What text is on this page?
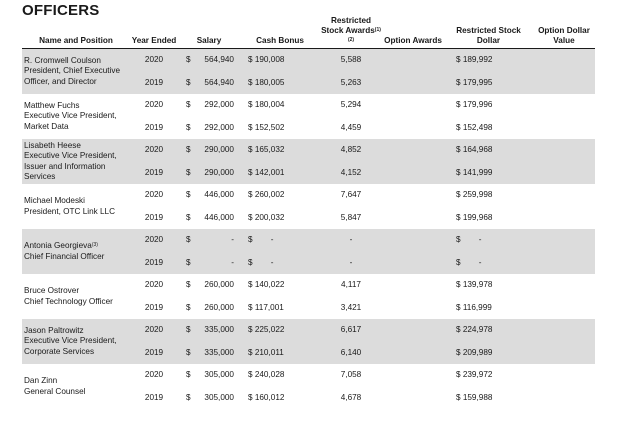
OFFICERS
Name and Position	Year Ended	Salary		Cash Bonus	Restricted Stock Awards$^{(1)(2)}$	Option Awards	Restricted Stock Dollar	Option Dollar Value
R. Cromwell Coulson
President, Chief Executive Officer, and Director	2020	$	564,940	$ 190,008	5,588		$ 189,992	
	2019	$	564,940	$ 180,005	5,263		$ 179,995	
Matthew Fuchs
Executive Vice President, Market Data	2020	$	292,000	$ 180,004	5,294		$ 179,996	
	2019	$	292,000	$ 152,502	4,459		$ 152,498	
Lisabeth Heese
Executive Vice President, Issuer and Information Services	2020	$	290,000	$ 165,032	4,852		$ 164,968	
	2019	$	290,000	$ 142,001	4,152		$ 141,999	
Michael Modeski
President, OTC Link LLC	2020	$	446,000	$ 260,002	7,647		$ 259,998	
	2019	$	446,000	$ 200,032	5,847		$ 199,968	
Antonia Georgieva$^{(3)}$
Chief Financial Officer	2020	$	-	$        -	-		$        -	
	2019	$	-	$        -	-		$        -	
Bruce Ostrover
Chief Technology Officer	2020	$	260,000	$ 140,022	4,117		$ 139,978	
	2019	$	260,000	$ 117,001	3,421		$ 116,999	
Jason Paltrowitz
Executive Vice President, Corporate Services	2020	$	335,000	$ 225,022	6,617		$ 224,978	
	2019	$	335,000	$ 210,011	6,140		$ 209,989	
Dan Zinn
General Counsel	2020	$	305,000	$ 240,028	7,058		$ 239,972	
	2019	$	305,000	$ 160,012	4,678		$ 159,988	
